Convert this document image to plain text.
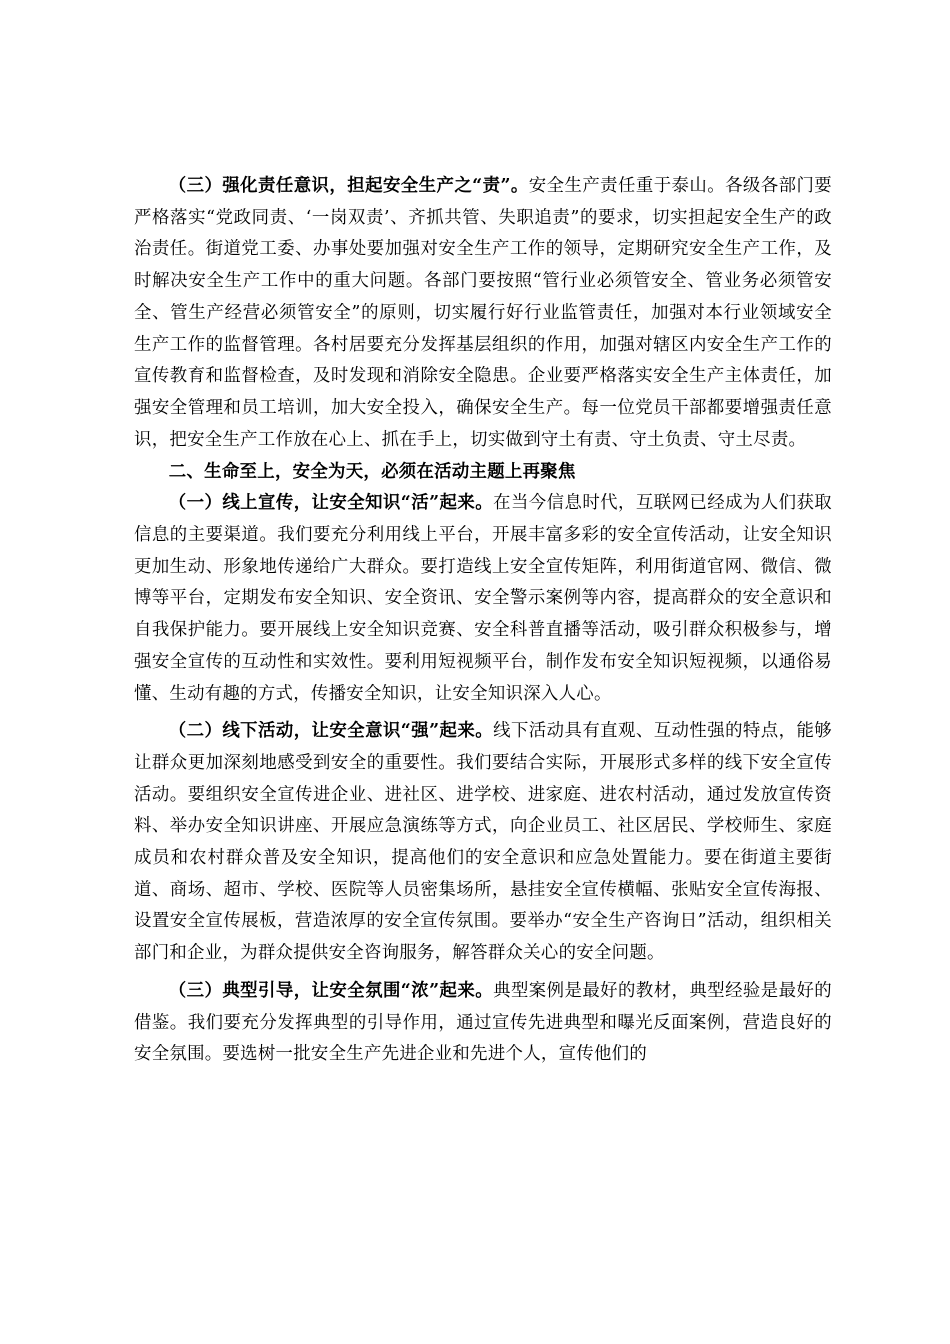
（三）强化责任意识，担起安全生产之“责”。安全生产责任重于泰山。各级各部门要严格落实“党政同责、‘一岗双责’、齐抓共管、失职追责”的要求，切实担起安全生产的政治责任。街道党工委、办事处要加强对安全生产工作的领导，定期研究安全生产工作，及时解决安全生产工作中的重大问题。各部门要按照“管行业必须管安全、管业务必须管安全、管生产经营必须管安全”的原则，切实履行好行业监管责任，加强对本行业领域安全生产工作的监督管理。各村居要充分发挥基层组织的作用，加强对辖区内安全生产工作的宣传教育和监督检查，及时发现和消除安全隐患。企业要严格落实安全生产主体责任，加强安全管理和员工培训，加大安全投入，确保安全生产。每一位党员干部都要增强责任意识，把安全生产工作放在心上、抓在手上，切实做到守土有责、守土负责、守土尽责。

二、生命至上，安全为天，必须在活动主题上再聚焦

（一）线上宣传，让安全知识“活”起来。在当今信息时代，互联网已经成为人们获取信息的主要渠道。我们要充分利用线上平台，开展丰富多彩的安全宣传活动，让安全知识更加生动、形象地传递给广大群众。要打造线上安全宣传矩阵，利用街道官网、微信、微博等平台，定期发布安全知识、安全资讯、安全警示案例等内容，提高群众的安全意识和自我保护能力。要开展线上安全知识竞赛、安全科普直播等活动，吸引群众积极参与，增强安全宣传的互动性和实效性。要利用短视频平台，制作发布安全知识短视频，以通俗易懂、生动有趣的方式，传播安全知识，让安全知识深入人心。

（二）线下活动，让安全意识“强”起来。线下活动具有直观、互动性强的特点，能够让群众更加深刻地感受到安全的重要性。我们要结合实际，开展形式多样的线下安全宣传活动。要组织安全宣传进企业、进社区、进学校、进家庭、进农村活动，通过发放宣传资料、举办安全知识讲座、开展应急演练等方式，向企业员工、社区居民、学校师生、家庭成员和农村群众普及安全知识，提高他们的安全意识和应急处置能力。要在街道主要街道、商场、超市、学校、医院等人员密集场所，悬挂安全宣传横幅、张贴安全宣传海报、设置安全宣传展板，营造浓厚的安全宣传氛围。要举办“安全生产咨询日”活动，组织相关部门和企业，为群众提供安全咨询服务，解答群众关心的安全问题。

（三）典型引导，让安全氛围“浓”起来。典型案例是最好的教材，典型经验是最好的借鉴。我们要充分发挥典型的引导作用，通过宣传先进典型和曝光反面案例，营造良好的安全氛围。要选树一批安全生产先进企业和先进个人，宣传他们的
